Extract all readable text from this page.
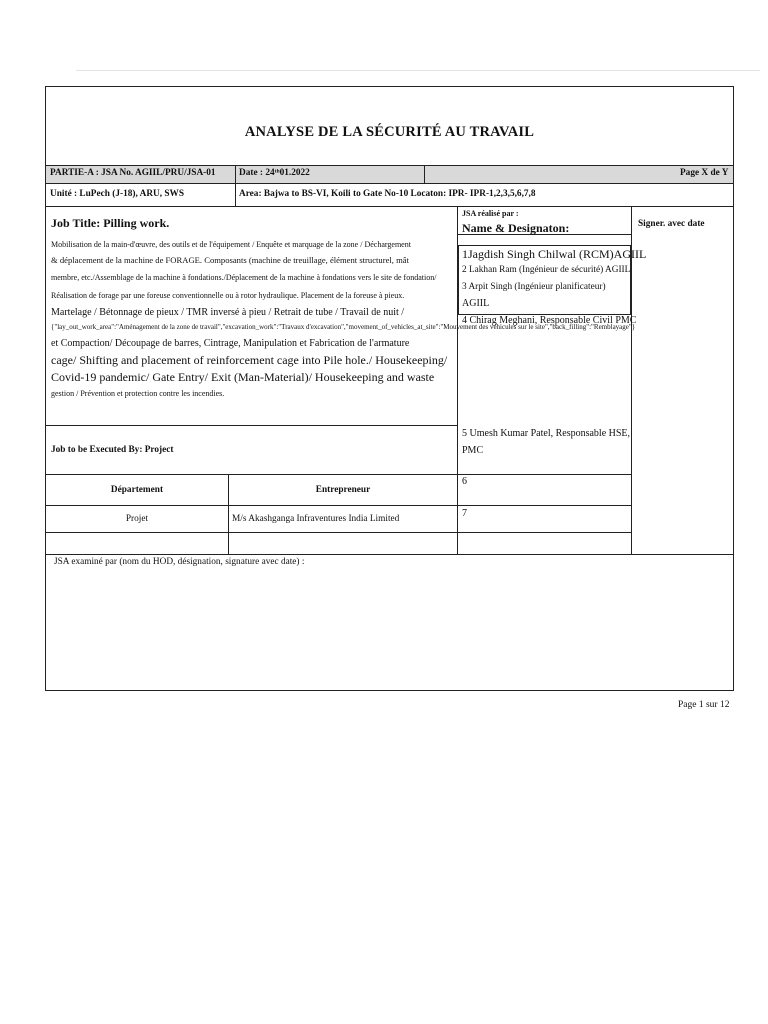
ANALYSE DE LA SÉCURITÉ AU TRAVAIL
PARTIE-A : JSA No. AGIIL/PRU/JSA-01	Date : 24ᵗʰ01.2022	Page X de Y
Unité : LuPech (J-18), ARU, SWS	Area: Bajwa to BS-VI, Koili to Gate No-10 Locaton: IPR- IPR-1,2,3,5,6,7,8
Job Title: Pilling work.
Mobilisation de la main-d'œuvre, des outils et de l'équipement / Enquête et marquage de la zone / Déchargement
& déplacement de la machine de FORAGE. Composants (machine de treuillage, élément structurel, mât
membre, etc./Assemblage de la machine à fondations./Déplacement de la machine à fondations vers le site de fondation/
Réalisation de forage par une foreuse conventionnelle ou à rotor hydraulique. Placement de la foreuse à pieux.
Martelage / Bétonnage de pieux / TMR inversé à pieu / Retrait de tube / Travail de nuit /
{"lay_out_work_area":"Aménagement de la zone de travail","excavation_work":"Travaux d'excavation","movement_of_vehicles_at_site":"Mouvement des véhicules sur le site","back_filling":"Remblayage"}
et Compaction/ Découpage de barres, Cintrage, Manipulation et Fabrication de l'armature
cage/ Shifting and placement of reinforcement cage into Pile hole./ Housekeeping/
Covid-19 pandemic/ Gate Entry/ Exit (Man-Material)/ Housekeeping and waste
gestion / Prévention et protection contre les incendies.
JSA réalisé par :
Name & Designaton:	Signer. avec date
1Jagdish Singh Chilwal (RCM)AGIIL
2 Lakhan Ram (Ingénieur de sécurité) AGIIL
3 Arpit Singh (Ingénieur planificateur)
AGIIL
4 Chirag Meghani, Responsable Civil PMC
5 Umesh Kumar Patel, Responsable HSE,
PMC
6
7
Job to be Executed By: Project
Département	Entrepreneur
Projet	M/s Akashganga Infraventures India Limited
JSA examiné par (nom du HOD, désignation, signature avec date) :
Page 1 sur 12
